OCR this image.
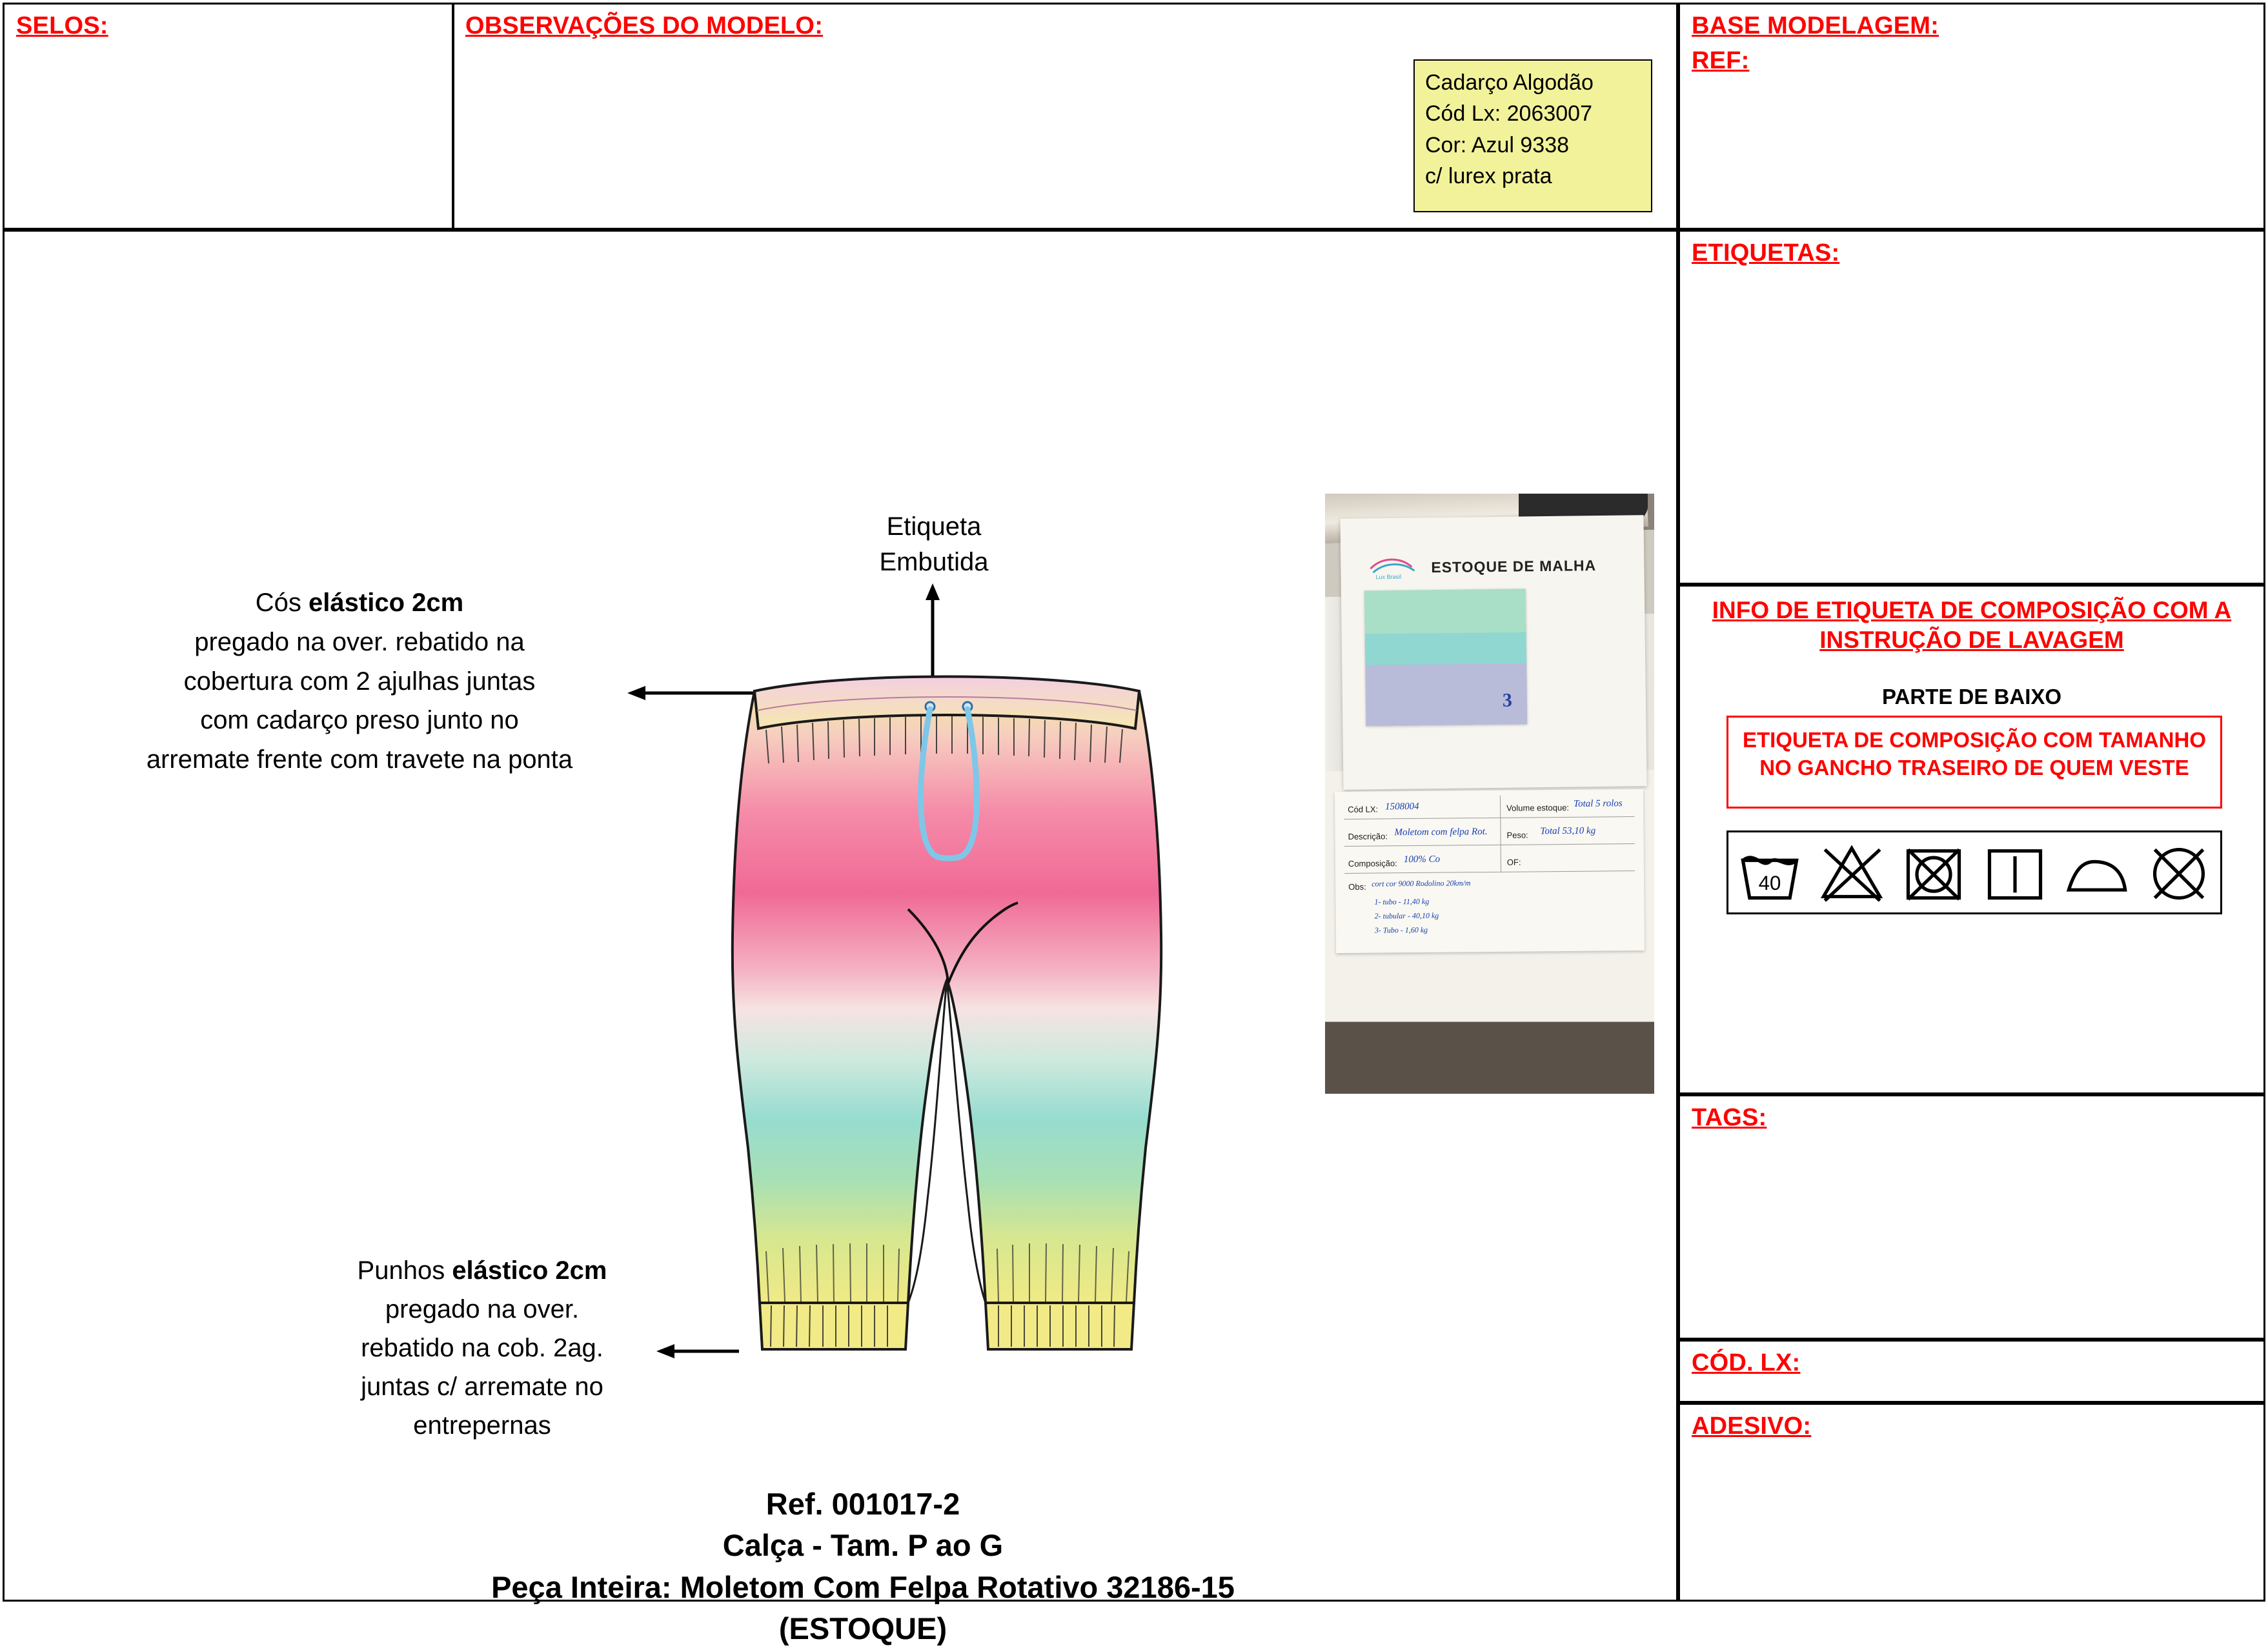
SELOS:	OBSERVAÇÕES DO MODELO:
Cadarço Algodão
Cód Lx: 2063007
Cor: Azul 9338
c/ lurex prata
BASE MODELAGEM:
REF:
Etiqueta
Embutida
Cós elástico 2cm
pregado na over. rebatido na
cobertura com 2 ajulhas juntas
com cadarço preso junto no
arremate frente com travete na ponta
Punhos elástico 2cm
pregado na over.
rebatido na cob. 2ag.
juntas c/ arremate no
entrepernas
Lux Brasil
ESTOQUE DE MALHA
3
Cód LX: 1508004	Volume estoque: Total 5 rolos
Descrição: Moletom com felpa Rot. Peso: Total 53,10 kg
Composição: 100% Co	OF:
Obs: cort cor 9000 Rodolino 20km/m
1- tubo - 11,40 kg
2- tubular - 40,10 kg
3- Tubo - 1,60 kg
Ref. 001017-2
Calça - Tam. P ao G
Peça Inteira: Moletom Com Felpa Rotativo 32186-15
(ESTOQUE)
ETIQUETAS:
INFO DE ETIQUETA DE COMPOSIÇÃO COM A INSTRUÇÃO DE LAVAGEM
PARTE DE BAIXO
ETIQUETA DE COMPOSIÇÃO COM TAMANHO NO GANCHO TRASEIRO DE QUEM VESTE
40
TAGS:
CÓD. LX:
ADESIVO:
